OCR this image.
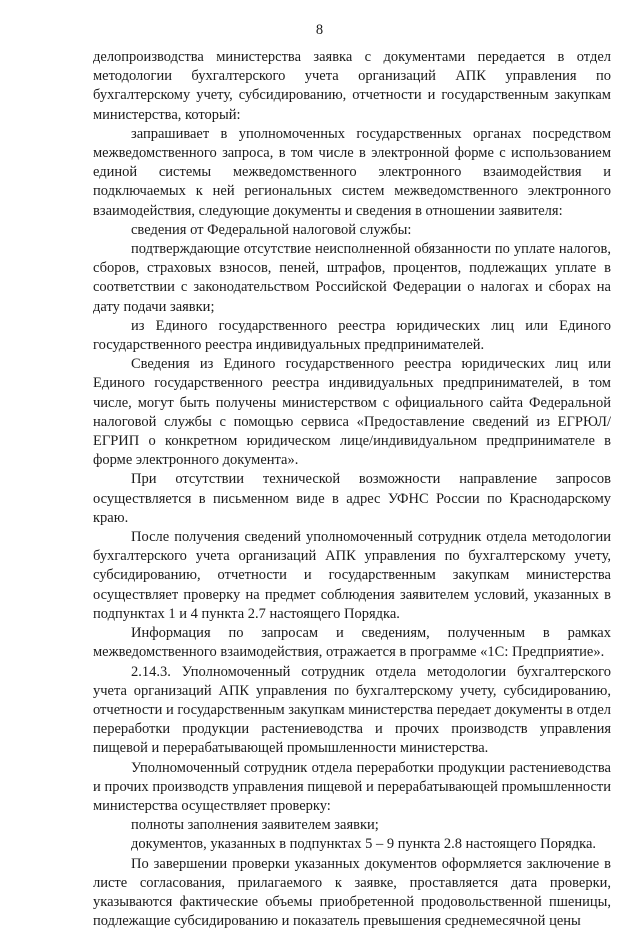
8

делопроизводства министерства заявка с документами передается в отдел методологии бухгалтерского учета организаций АПК управления по бухгалтерскому учету, субсидированию, отчетности и государственным закупкам министерства, который:

запрашивает в уполномоченных государственных органах посредством межведомственного запроса, в том числе в электронной форме с использованием единой системы межведомственного электронного взаимодействия и подключаемых к ней региональных систем межведомственного электронного взаимодействия, следующие документы и сведения в отношении заявителя:

сведения от Федеральной налоговой службы:

подтверждающие отсутствие неисполненной обязанности по уплате налогов, сборов, страховых взносов, пеней, штрафов, процентов, подлежащих уплате в соответствии с законодательством Российской Федерации о налогах и сборах на дату подачи заявки;

из Единого государственного реестра юридических лиц или Единого государственного реестра индивидуальных предпринимателей.

Сведения из Единого государственного реестра юридических лиц или Единого государственного реестра индивидуальных предпринимателей, в том числе, могут быть получены министерством с официального сайта Федеральной налоговой службы с помощью сервиса «Предоставление сведений из ЕГРЮЛ/ЕГРИП о конкретном юридическом лице/индивидуальном предпринимателе в форме электронного документа».

При отсутствии технической возможности направление запросов осуществляется в письменном виде в адрес УФНС России по Краснодарскому краю.

После получения сведений уполномоченный сотрудник отдела методологии бухгалтерского учета организаций АПК управления по бухгалтерскому учету, субсидированию, отчетности и государственным закупкам министерства осуществляет проверку на предмет соблюдения заявителем условий, указанных в подпунктах 1 и 4 пункта 2.7 настоящего Порядка.

Информация по запросам и сведениям, полученным в рамках межведомственного взаимодействия, отражается в программе «1С: Предприятие».

2.14.3. Уполномоченный сотрудник отдела методологии бухгалтерского учета организаций АПК управления по бухгалтерскому учету, субсидированию, отчетности и государственным закупкам министерства передает документы в отдел переработки продукции растениеводства и прочих производств управления пищевой и перерабатывающей промышленности министерства.

Уполномоченный сотрудник отдела переработки продукции растениеводства и прочих производств управления пищевой и перерабатывающей промышленности министерства осуществляет проверку:

полноты заполнения заявителем заявки;

документов, указанных в подпунктах 5 – 9 пункта 2.8 настоящего Порядка.

По завершении проверки указанных документов оформляется заключение в листе согласования, прилагаемого к заявке, проставляется дата проверки, указываются фактические объемы приобретенной продовольственной пшеницы, подлежащие субсидированию и показатель превышения среднемесячной цены
